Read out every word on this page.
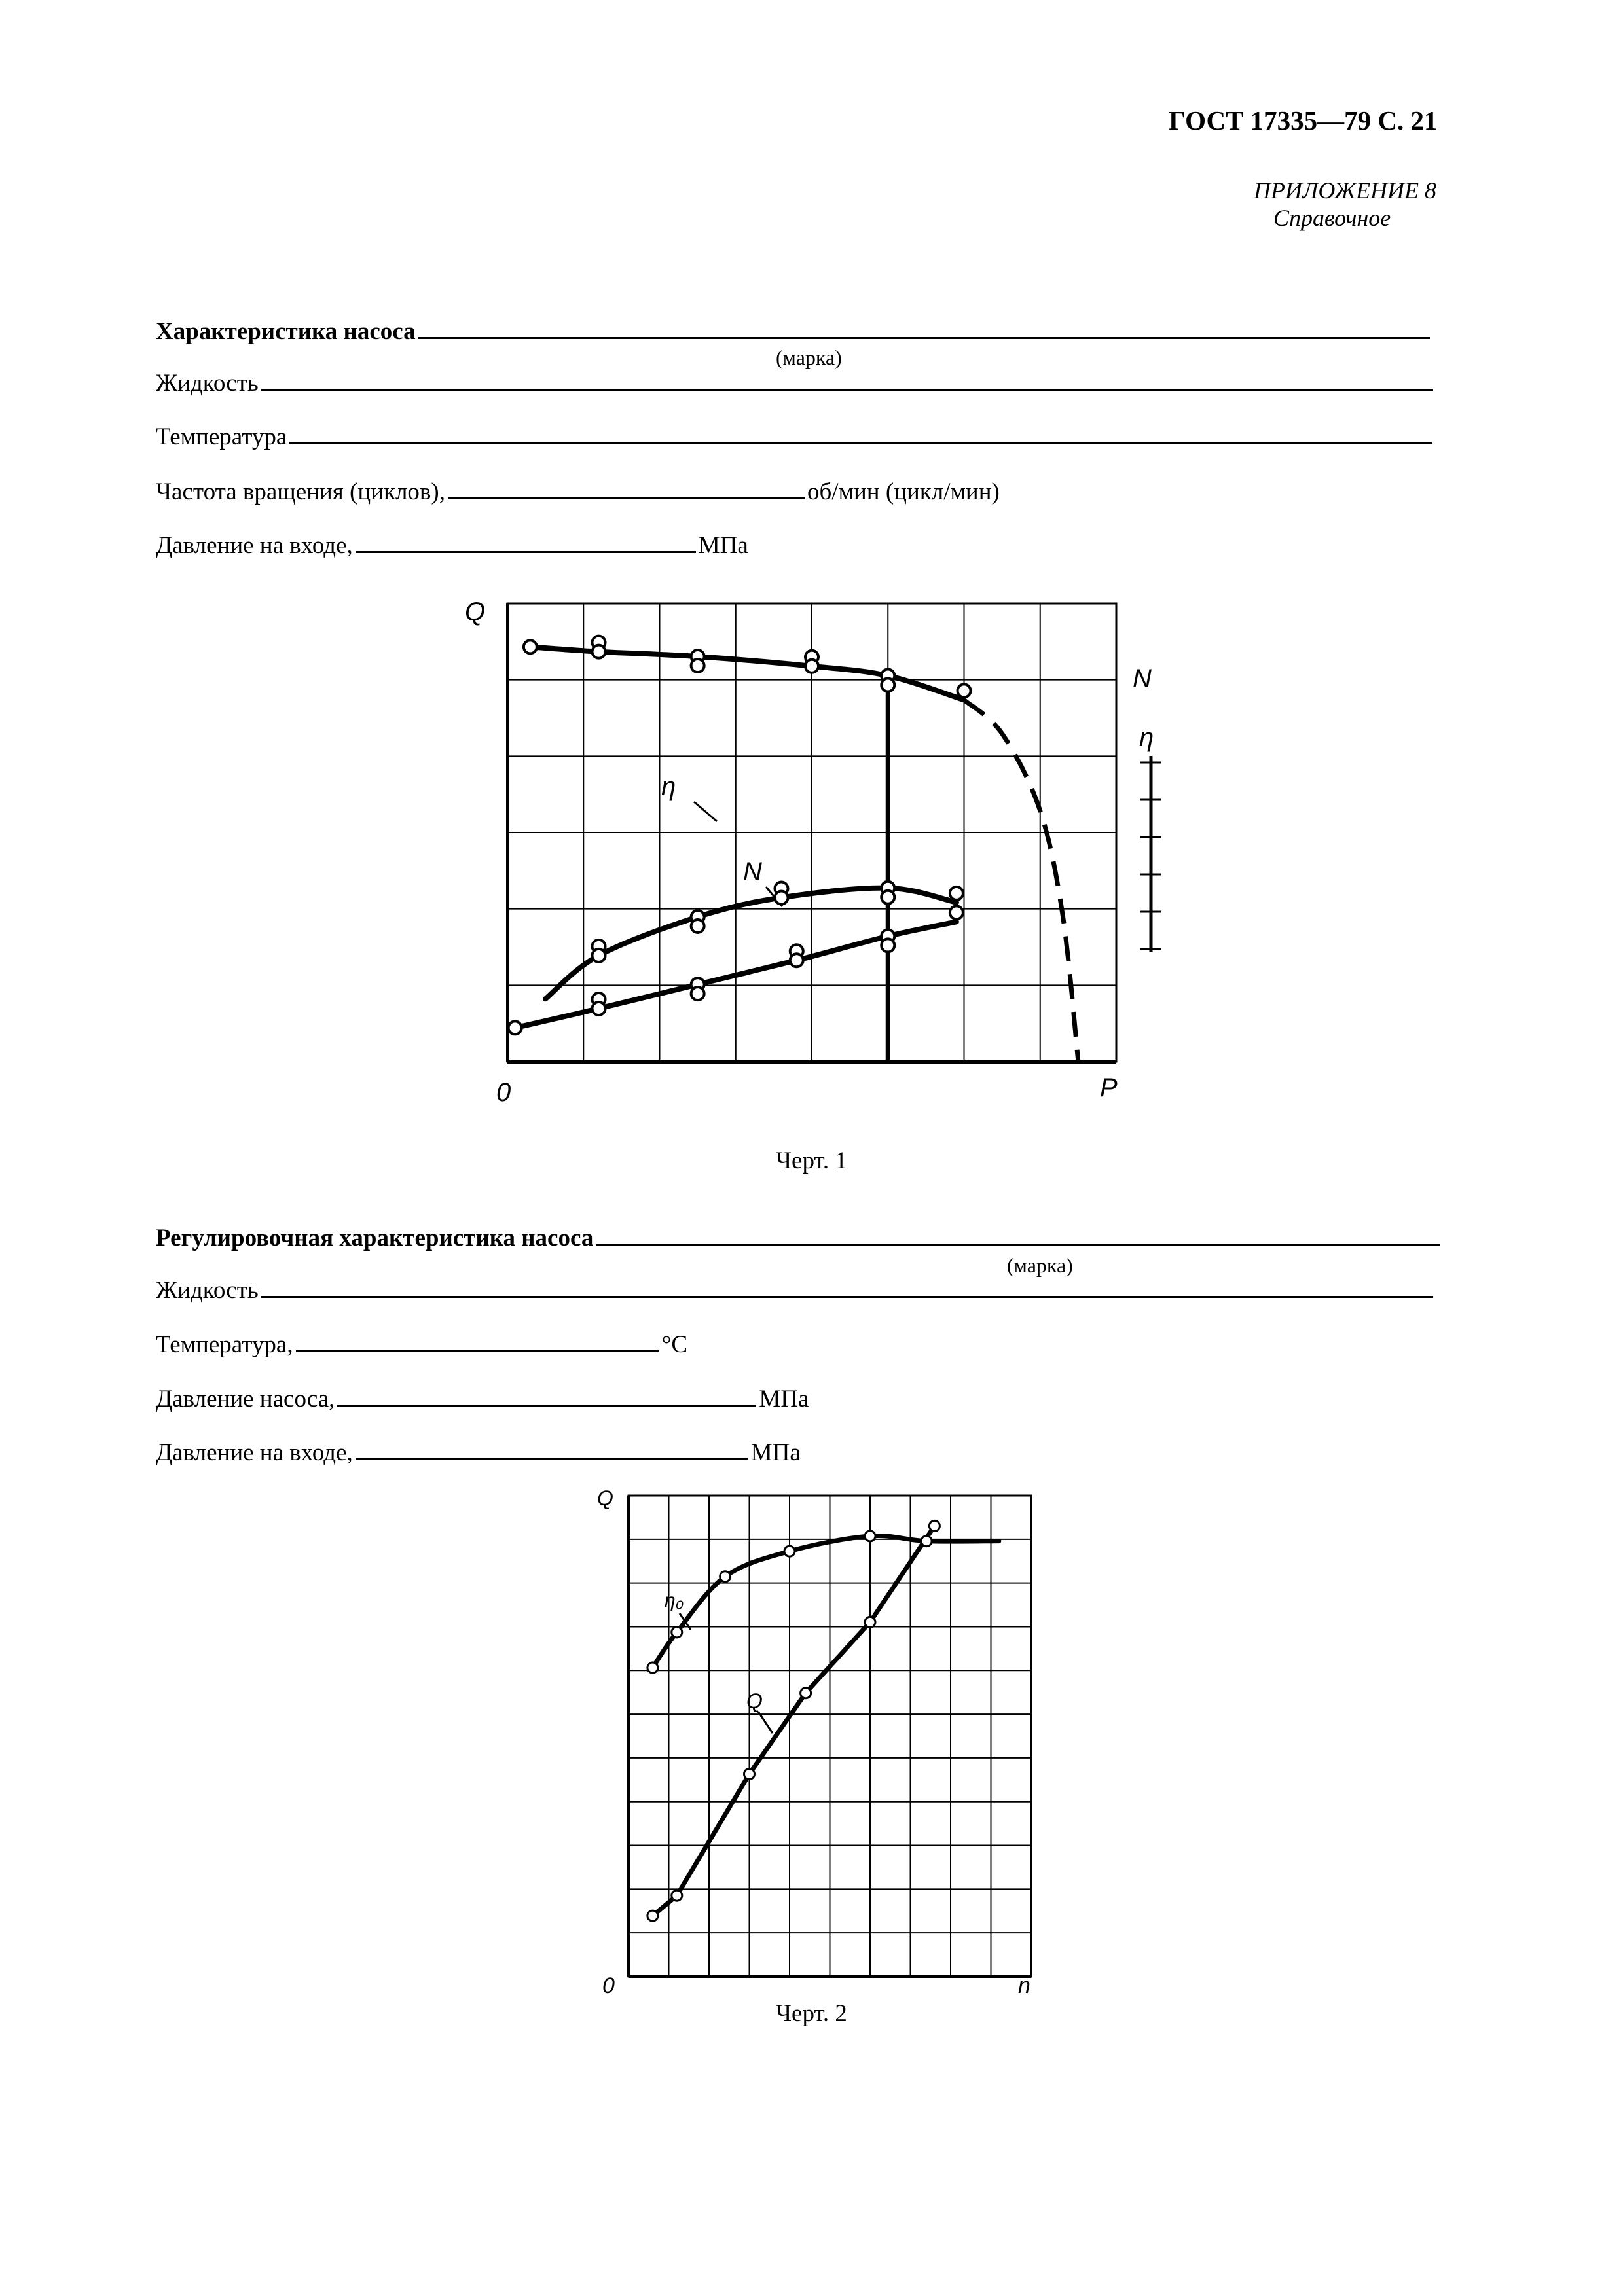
ГОСТ 17335—79 С. 21
ПРИЛОЖЕНИЕ 8
Справочное
Характеристика насоса
(марка)
Жидкость
Температура
Частота вращения (циклов),	об/мин (цикл/мин)
Давление на входе,	МПа
Q
0	P
N
η
η
N
Черт. 1
Регулировочная характеристика насоса
(марка)
Жидкость
Температура,	°С
Давление насоса,	МПа
Давление на входе,	МПа
Q
0	n
η₀
Q
Черт. 2
